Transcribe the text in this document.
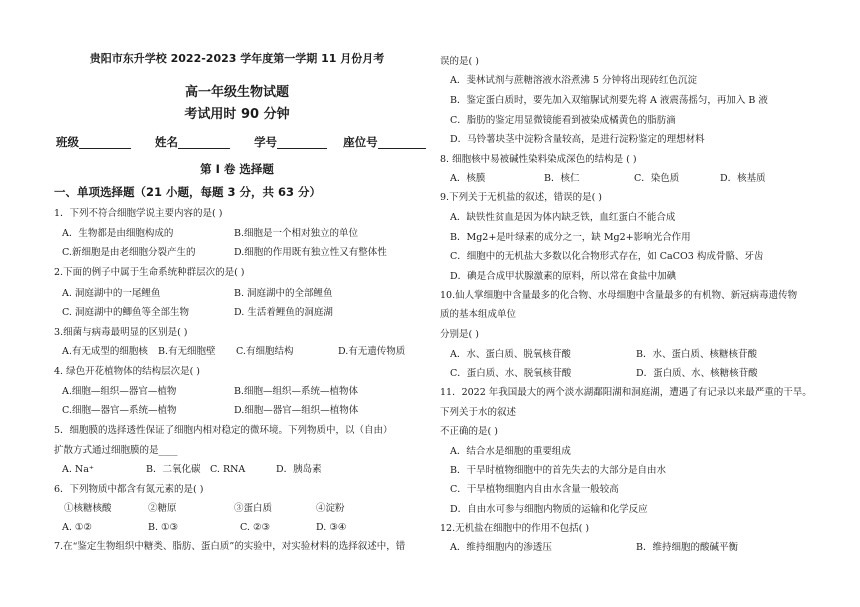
贵阳市东升学校 2022-2023 学年度第一学期 11 月份月考
高一年级生物试题
考试用时 90 分钟
班级	姓名	学号	座位号
第 I 卷 选择题
一、单项选择题（21 小题，每题 3 分，共 63 分）
1．下列不符合细胞学说主要内容的是( )
A．生物都是由细胞构成的	B.细胞是一个相对独立的单位
C.新细胞是由老细胞分裂产生的	D.细胞的作用既有独立性又有整体性
2.下面的例子中属于生命系统种群层次的是( )
A. 洞庭湖中的一尾鲤鱼	B. 洞庭湖中的全部鲤鱼
C. 洞庭湖中的鲫鱼等全部生物	D. 生活着鲤鱼的洞庭湖
3.细菌与病毒最明显的区别是( )
A.有无成型的细胞核 B.有无细胞壁 C.有细胞结构	D.有无遗传物质
4. 绿色开花植物体的结构层次是( )
A.细胞—组织—器官—植物	B.细胞—组织—系统—植物体
C.细胞—器官—系统—植物	D.细胞—器官—组织—植物体
5．细胞膜的选择透性保证了细胞内相对稳定的微环境。下列物质中，以（自由）
扩散方式通过细胞膜的是____
A. Na⁺	B．二氧化碳 C. RNA	D．胰岛素
6．下列物质中都含有氮元素的是( )
①核糖核酸	②糖原	③蛋白质	④淀粉
A. ①②	B. ①③	C. ②③	D. ③④
7.在“鉴定生物组织中糖类、脂肪、蛋白质”的实验中，对实验材料的选择叙述中，错
误的是( )
A．斐林试剂与蔗糖溶液水浴煮沸 5 分钟将出现砖红色沉淀
B．鉴定蛋白质时，要先加入双缩脲试剂要先将 A 液震荡摇匀，再加入 B 液
C．脂肪的鉴定用显微镜能看到被染成橘黄色的脂肪滴
D．马铃薯块茎中淀粉含量较高，是进行淀粉鉴定的理想材料
8. 细胞核中易被碱性染料染成深色的结构是 ( )
A．核膜	B．核仁	C．染色质	D．核基质
9.下列关于无机盐的叙述，错误的是( )
A．缺铁性贫血是因为体内缺乏铁，血红蛋白不能合成
B．Mg2+是叶绿素的成分之一，缺 Mg2+影响光合作用
C．细胞中的无机盐大多数以化合物形式存在，如 CaCO3 构成骨骼、牙齿
D．碘是合成甲状腺激素的原料，所以常在食盐中加碘
10.仙人掌细胞中含量最多的化合物、水母细胞中含量最多的有机物、新冠病毒遗传物
质的基本组成单位
分别是( )
A．水、蛋白质、脱氧核苷酸	B．水、蛋白质、核糖核苷酸
C．蛋白质、水、脱氧核苷酸	D．蛋白质、水、核糖核苷酸
11．2022 年我国最大的两个淡水湖鄱阳湖和洞庭湖，遭遇了有记录以来最严重的干旱。
下列关于水的叙述
不正确的是( )
A．结合水是细胞的重要组成
B．干旱时植物细胞中的首先失去的大部分是自由水
C．干旱植物细胞内自由水含量一般较高
D．自由水可参与细胞内物质的运输和化学反应
12.无机盐在细胞中的作用不包括( )
A．维持细胞内的渗透压	B．维持细胞的酸碱平衡
